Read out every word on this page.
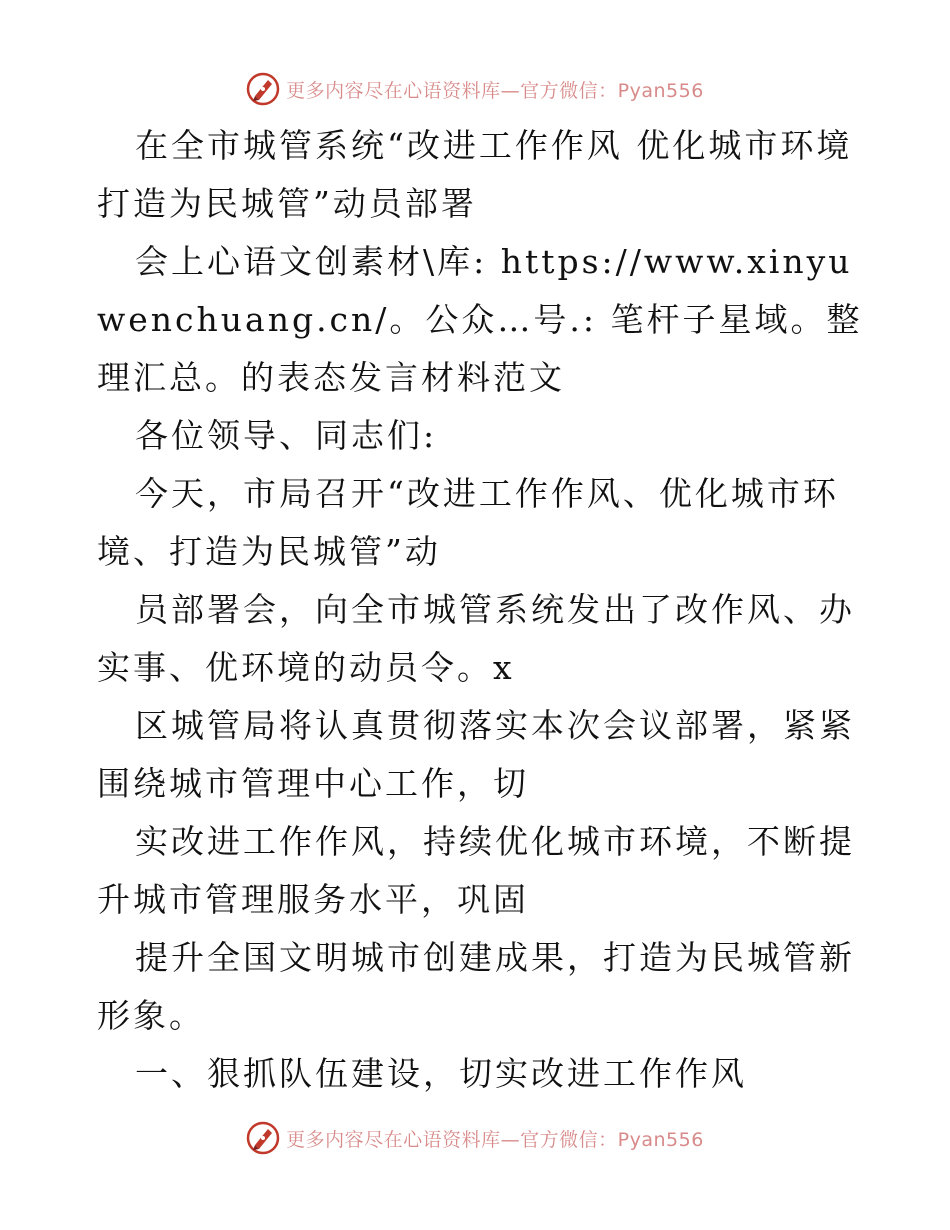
更多内容尽在心语资料库—官方微信：Pyan556

在全市城管系统“改进工作作风 优化城市环境 打造为民城管”动员部署

会上心语文创素材\库: https://www.xinyuwenchuang.cn/。公众…号.: 笔杆子星域。整理汇总。的表态发言材料范文

各位领导、同志们:

今天，市局召开“改进工作作风、优化城市环境、打造为民城管”动

员部署会，向全市城管系统发出了改作风、办实事、优环境的动员令。x

区城管局将认真贯彻落实本次会议部署，紧紧围绕城市管理中心工作，切

实改进工作作风，持续优化城市环境，不断提升城市管理服务水平，巩固

提升全国文明城市创建成果，打造为民城管新形象。

一、狠抓队伍建设，切实改进工作作风

更多内容尽在心语资料库—官方微信：Pyan556
